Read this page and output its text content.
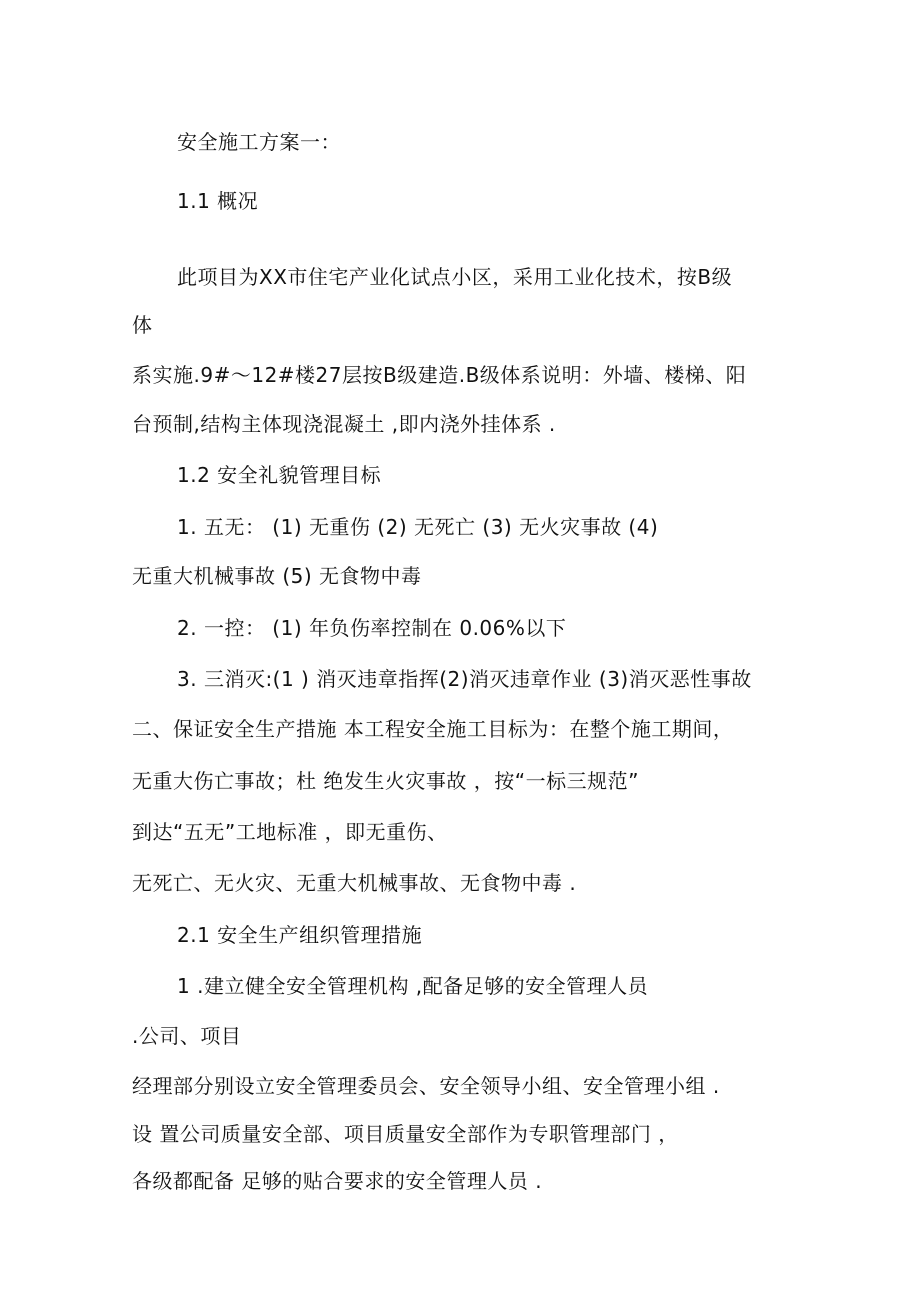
安全施工方案一：
1.1 概况
此项目为XX市住宅产业化试点小区，采用工业化技术，按B级
体
系实施.9#〜12#楼27层按B级建造.B级体系说明：外墙、楼梯、阳
台预制,结构主体现浇混凝土 ,即内浇外挂体系 .
1.2 安全礼貌管理目标
1. 五无： (1) 无重伤 (2) 无死亡 (3) 无火灾事故 (4)
无重大机械事故 (5) 无食物中毒
2. 一控： (1) 年负伤率控制在 0.06%以下
3. 三消灭:(1 ) 消灭违章指挥(2)消灭违章作业 (3)消灭恶性事故
二、保证安全生产措施 本工程安全施工目标为：在整个施工期间，
无重大伤亡事故；杜 绝发生火灾事故 ，按“一标三规范”
到达“五无”工地标准 ，即无重伤、
无死亡、无火灾、无重大机械事故、无食物中毒 .
2.1 安全生产组织管理措施
1 .建立健全安全管理机构 ,配备足够的安全管理人员
.公司、项目
经理部分别设立安全管理委员会、安全领导小组、安全管理小组 .
设 置公司质量安全部、项目质量安全部作为专职管理部门 ，
各级都配备 足够的贴合要求的安全管理人员 .
